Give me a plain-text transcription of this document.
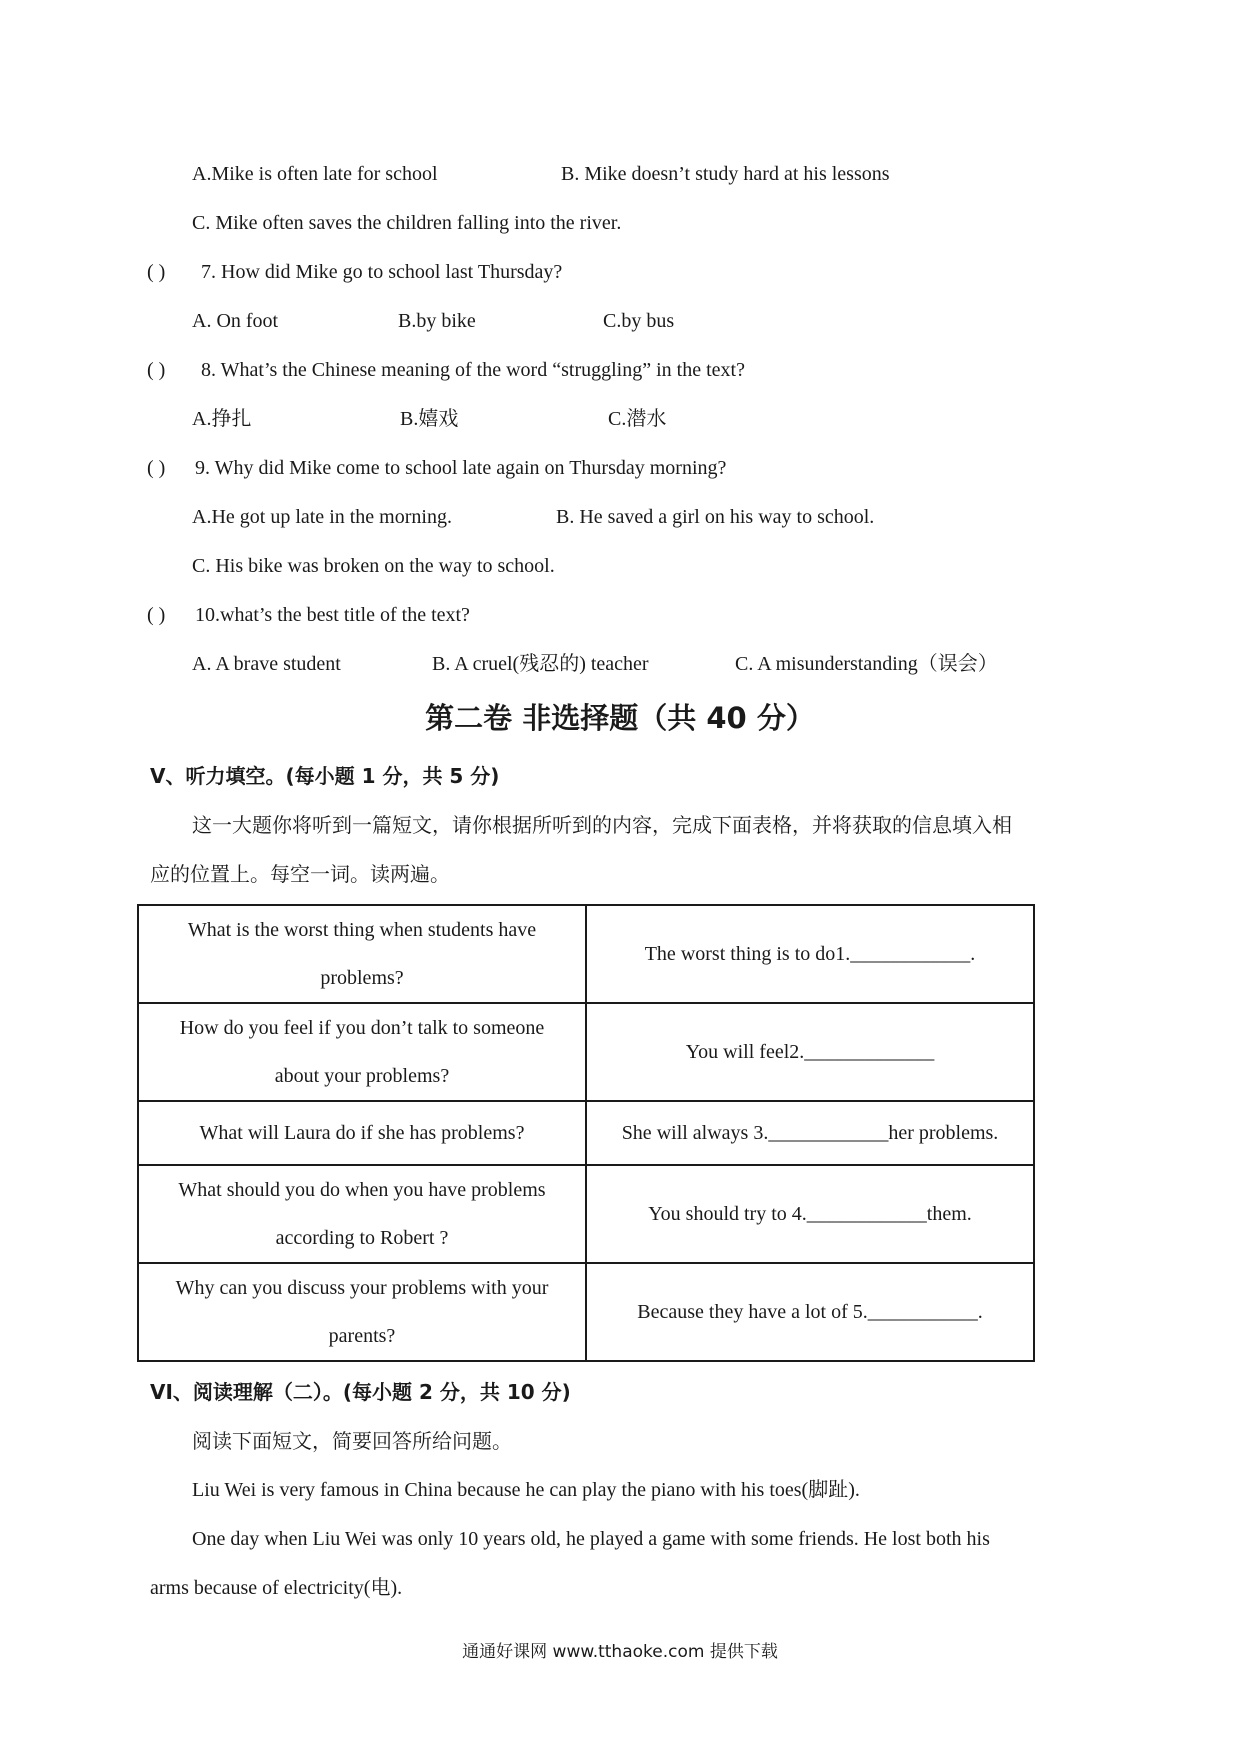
A.Mike is often late for school	B. Mike doesn’t study hard at his lessons
C. Mike often saves the children falling into the river.
( ) 7. How did Mike go to school last Thursday?
A. On foot	B.by bike	C.by bus
( ) 8. What’s the Chinese meaning of the word “struggling” in the text?
A.挣扎	B.嬉戏	C.潜水
( ) 9. Why did Mike come to school late again on Thursday morning?
A.He got up late in the morning.	B. He saved a girl on his way to school.
C. His bike was broken on the way to school.
( ) 10.what’s the best title of the text?
A. A brave student	B. A cruel(残忍的) teacher	C. A misunderstanding（误会）
第二卷 非选择题（共 40 分）
V、听力填空。(每小题 1 分，共 5 分)
这一大题你将听到一篇短文，请你根据所听到的内容，完成下面表格，并将获取的信息填入相
应的位置上。每空一词。读两遍。
What is the worst thing when students have
problems?	The worst thing is to do1.____________.

How do you feel if you don’t talk to someone
about your problems?	You will feel2._____________

What will Laura do if she has problems?	She will always 3.____________her problems.

What should you do when you have problems
according to Robert ?	You should try to 4.____________them.

Why can you discuss your problems with your
parents?	Because they have a lot of 5.___________.
VI、阅读理解（二）。(每小题 2 分，共 10 分)
阅读下面短文，简要回答所给问题。
Liu Wei is very famous in China because he can play the piano with his toes(脚趾).
One day when Liu Wei was only 10 years old, he played a game with some friends. He lost both his
arms because of electricity(电).
通通好课网 www.tthaoke.com 提供下载
